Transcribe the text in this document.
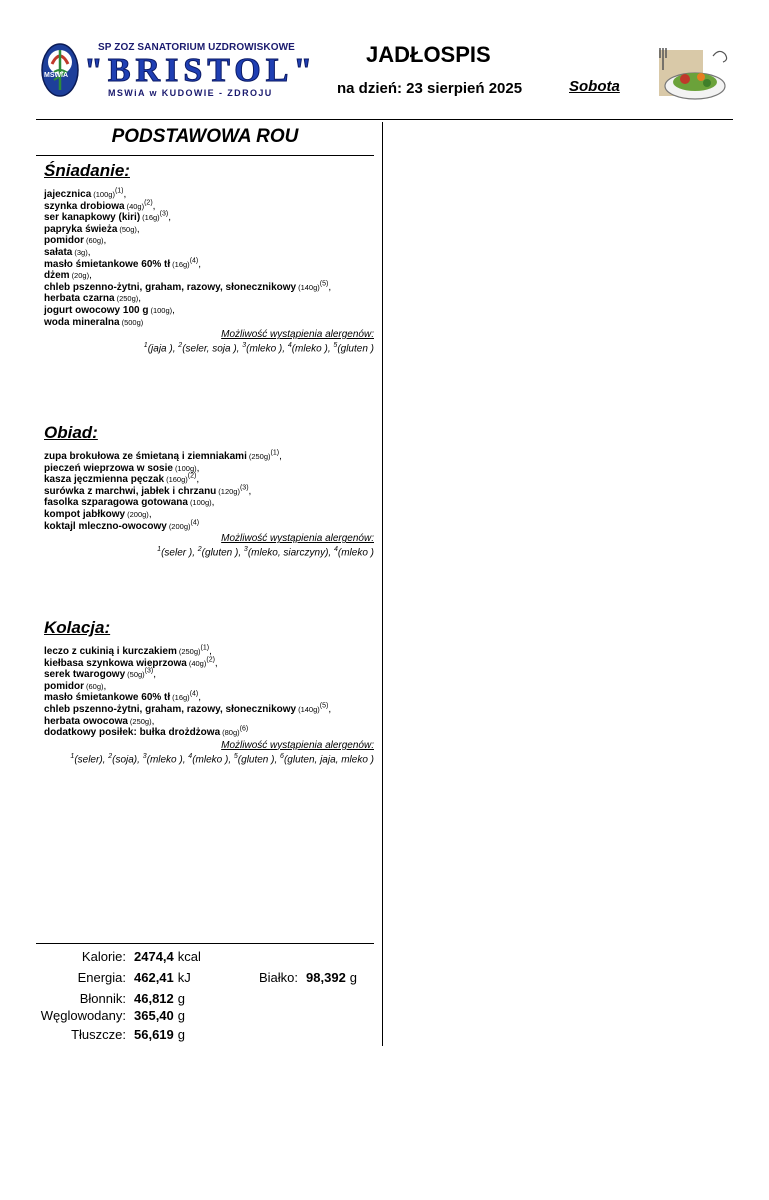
MSWiA
SP ZOZ SANATORIUM UZDROWISKOWE
"BRISTOL"
MSWiA w KUDOWIE - ZDROJU
JADŁOSPIS
na dzień: 23 sierpień 2025	Sobota
PODSTAWOWA ROU
Śniadanie:
jajecznica (100g)$^{(1)}$,
szynka drobiowa (40g)$^{(2)}$,
ser kanapkowy (kiri) (16g)$^{(3)}$,
papryka świeża (50g),
pomidor (60g),
sałata (3g),
masło śmietankowe 60% tł (16g)$^{(4)}$,
dżem (20g),
chleb pszenno-żytni, graham, razowy, słonecznikowy (140g)$^{(5)}$,
herbata czarna (250g),
jogurt owocowy 100 g (100g),
woda mineralna (500g)
Możliwość wystąpienia alergenów:
$^1$(jaja ), $^2$(seler, soja ), $^3$(mleko ), $^4$(mleko ), $^5$(gluten )
Obiad:
zupa brokułowa ze śmietaną i ziemniakami (250g)$^{(1)}$,
pieczeń wieprzowa w sosie (100g),
kasza jęczmienna pęczak (160g)$^{(2)}$,
surówka z marchwi, jabłek i chrzanu (120g)$^{(3)}$,
fasolka szparagowa gotowana (100g),
kompot jabłkowy (200g),
koktajl mleczno-owocowy (200g)$^{(4)}$
Możliwość wystąpienia alergenów:
$^1$(seler ), $^2$(gluten ), $^3$(mleko, siarczyny), $^4$(mleko )
Kolacja:
leczo z cukinią i kurczakiem (250g)$^{(1)}$,
kiełbasa szynkowa wieprzowa (40g)$^{(2)}$,
serek twarogowy (50g)$^{(3)}$,
pomidor (60g),
masło śmietankowe 60% tł (16g)$^{(4)}$,
chleb pszenno-żytni, graham, razowy, słonecznikowy (140g)$^{(5)}$,
herbata owocowa (250g),
dodatkowy posiłek: bułka drożdżowa (80g)$^{(6)}$
Możliwość wystąpienia alergenów:
$^1$(seler), $^2$(soja), $^3$(mleko ), $^4$(mleko ), $^5$(gluten ), $^6$(gluten, jaja, mleko )
Kalorie: 2474,4 kcal
Energia: 462,41 kJ	Białko: 98,392 g
Błonnik: 46,812 g
Węglowodany: 365,40 g
Tłuszcze: 56,619 g
